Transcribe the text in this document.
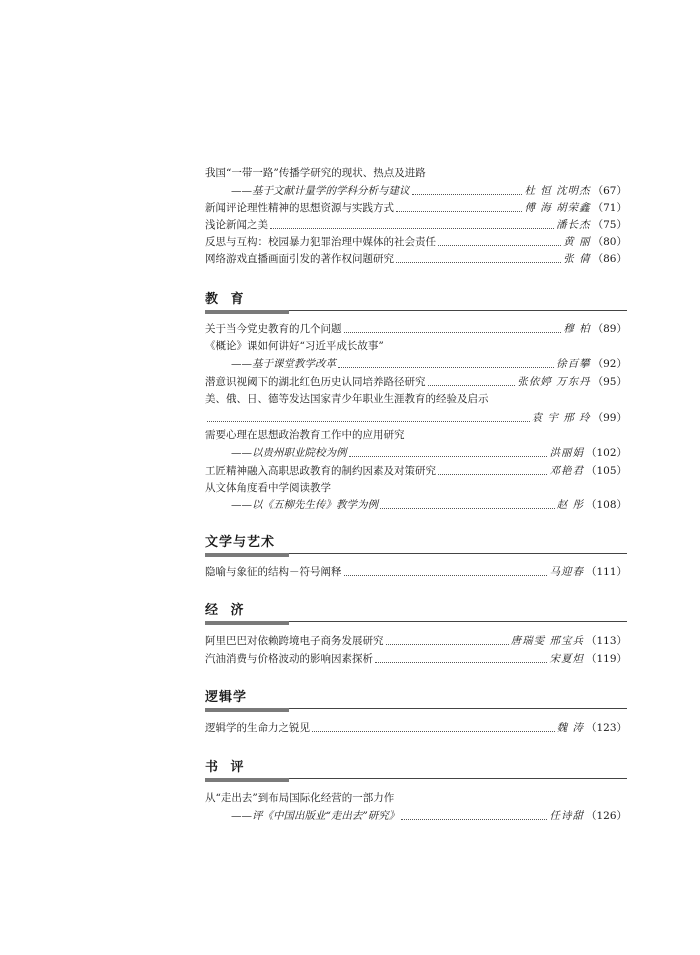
我国“一带一路”传播学研究的现状、热点及进路
——基于文献计量学的学科分析与建议	杜 恒 沈明杰 （67）
新闻评论理性精神的思想资源与实践方式	傅 海 胡荣鑫 （71）
浅论新闻之美	潘长杰 （75）
反思与互构：校园暴力犯罪治理中媒体的社会责任	黄 丽 （80）
网络游戏直播画面引发的著作权问题研究	张 倩 （86）
教 育
关于当今党史教育的几个问题	穆 柏 （89）
《概论》课如何讲好“习近平成长故事”
——基于课堂教学改革	徐百攀 （92）
潜意识视阈下的湖北红色历史认同培养路径研究	张依婷 万东丹 （95）
美、俄、日、德等发达国家青少年职业生涯教育的经验及启示
袁 宇 邢 玲 （99）
需要心理在思想政治教育工作中的应用研究
——以贵州职业院校为例	洪丽娟 （102）
工匠精神融入高职思政教育的制约因素及对策研究	邓艳君 （105）
从文体角度看中学阅读教学
——以《五柳先生传》教学为例	赵 彤 （108）
文学与艺术
隐喻与象征的结构－符号阐释	马迎春 （111）
经 济
阿里巴巴对依赖跨境电子商务发展研究	唐瑞雯 邢宝兵 （113）
汽油消费与价格波动的影响因素探析	宋夏炟 （119）
逻辑学
逻辑学的生命力之锐见	魏 涛 （123）
书 评
从“走出去”到布局国际化经营的一部力作
——评《中国出版业“走出去”研究》	任诗甜 （126）
